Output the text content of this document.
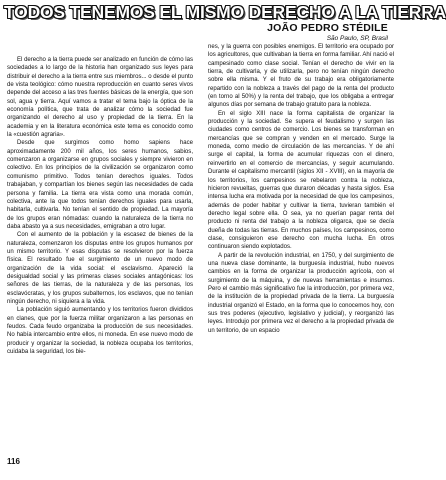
TODOS TENEMOS EL MISMO DERECHO A LA TIERRA
JOÃO PEDRO STÉDILE
São Paulo, SP, Brasil

El derecho a la tierra puede ser analizado en función de cómo las sociedades a lo largo de la historia han organizado sus leyes para distribuir el derecho a la tierra entre sus miembros... o desde el punto de vista teológico: cómo nuestra reproducción en cuanto seres vivos depende del acceso a las tres fuentes básicas de la energía, que son sol, agua y tierra. Aquí vamos a tratar el tema bajo la óptica de la economía política, que trata de analizar cómo la sociedad fue organizando el derecho al uso y propiedad de la tierra. En la academia y en la literatura económica este tema es conocido como la «cuestión agraria».

Desde que surgimos como homo sapiens hace aproximadamente 200 mil años, los seres humanos, sabios, comenzaron a organizarse en grupos sociales y siempre vivieron en colectivo. En los principios de la civilización se organizaron como comunismo primitivo. Todos tenían derechos iguales. Todos trabajaban, y compartían los bienes según las necesidades de cada persona y familia. La tierra era vista como una morada común, colectiva, ante la que todos tenían derechos iguales para usarla, habitarla, cultivarla. No tenían el sentido de propiedad. La mayoría de los grupos eran nómadas: cuando la naturaleza de la tierra no daba abasto ya a sus necesidades, emigraban a otro lugar.

Con el aumento de la población y la escasez de bienes de la naturaleza, comenzaron los disputas entre los grupos humanos por un mismo territorio. Y esas disputas se resolvieron por la fuerza física. El resultado fue el surgimiento de un nuevo modo de organización de la vida social: el esclavismo. Apareció la desigualdad social y las primeras clases sociales antagónicas: los señores de las tierras, de la naturaleza y de las personas, los esclavócratas, y los grupos subalternos, los esclavos, que no tenían ningún derecho, ni siquiera a la vida.

La población siguió aumentando y los territorios fueron divididos en clanes, que por la fuerza militar organizaron a las personas en feudos. Cada feudo organizaba la producción de sus necesidades. No había intercambio entre ellos, ni moneda. En ese nuevo modo de producir y organizar la sociedad, la nobleza ocupaba los territorios, cuidaba la seguridad, los bie-

nes, y la guerra con posibles enemigos. El territorio era ocupado por los agricultores, que cultivaban la tierra en forma familiar. Ahí nació el campesinado como clase social. Tenían el derecho de vivir en la tierra, de cultivarla, y de utilizarla, pero no tenían ningún derecho sobre ella misma. Y el fruto de su trabajo era obligatoriamente repartido con la nobleza a través del pago de la renta del producto (en torno al 50%) y la renta del trabajo, que los obligaba a entregar algunos días por semana de trabajo gratuito para la nobleza.

En el siglo XIII nace la forma capitalista de organizar la producción y la sociedad. Se supera el feudalismo y surgen las ciudades como centros de comercio. Los bienes se transforman en mercancías que se compran y venden en el mercado. Surge la moneda, como medio de circulación de las mercancías. Y de ahí surge el capital, la forma de acumular riquezas con el dinero, reinvertirlo en el comercio de mercancías, y seguir acumulando. Durante el capitalismo mercantil (siglos XII - XVIII), en la mayoría de los territorios, los campesinos se rebelaron contra la nobleza, hicieron revueltas, guerras que duraron décadas y hasta siglos. Esa intensa lucha era motivada por la necesidad de que los campesinos, además de poder habitar y cultivar la tierra, tuvieran también el derecho legal sobre ella. O sea, ya no querían pagar renta del producto ni renta del trabajo a la nobleza oligarca, que se decía dueña de todas las tierras. En muchos países, los campesinos, como clase, consiguieron ese derecho con mucha lucha. En otros continuaron siendo explotados.

A partir de la revolución industrial, en 1750, y del surgimiento de una nueva clase dominante, la burguesía industrial, hubo nuevos cambios en la forma de organizar la producción agrícola, con el surgimiento de la máquina, y de nuevas herramientas e insumos. Pero el cambio más significativo fue la introducción, por primera vez, de la institución de la propiedad privada de la tierra. La burguesía industrial organizó el Estado, en la forma que lo conocemos hoy, con sus tres poderes (ejecutivo, legislativo y judicial), y reorganizó las leyes. Introdujo por primera vez el derecho a la propiedad privada de un territorio, de un espacio

116
